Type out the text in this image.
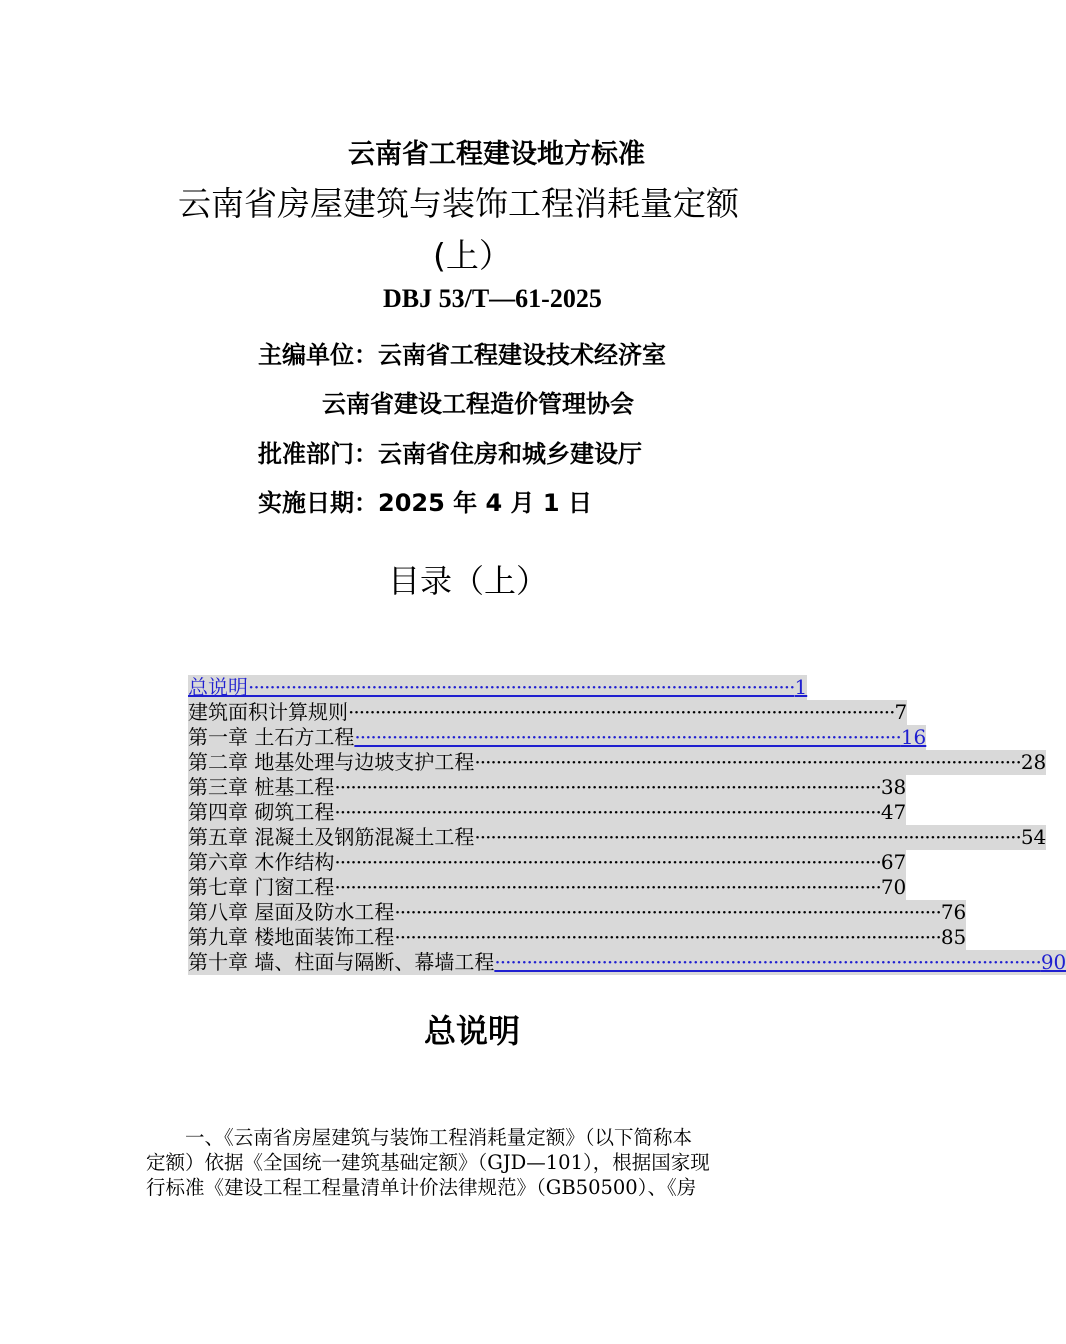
云南省工程建设地方标准
云南省房屋建筑与装饰工程消耗量定额
(上）
DBJ 53/T—61-2025
主编单位：云南省工程建设技术经济室
云南省建设工程造价管理协会
批准部门：云南省住房和城乡建设厅
实施日期：2025 年 4 月 1 日
目录（上）
总说明 ······································································································ 1
建筑面积计算规则 ······································································································ 7
第一章 土石方工程 ······································································································ 16
第二章 地基处理与边坡支护工程 ······································································································ 28
第三章 桩基工程 ······································································································ 38
第四章 砌筑工程 ······································································································ 47
第五章 混凝土及钢筋混凝土工程 ······································································································ 54
第六章 木作结构 ······································································································ 67
第七章 门窗工程 ······································································································ 70
第八章 屋面及防水工程 ······································································································ 76
第九章 楼地面装饰工程 ······································································································ 85
第十章 墙、柱面与隔断、幕墙工程 ······································································································ 90
总说明
　　一、《云南省房屋建筑与装饰工程消耗量定额》（以下简称本
定额）依据《全国统一建筑基础定额》（GJD—101），根据国家现
行标准《建设工程工程量清单计价法律规范》（GB50500）、《房
